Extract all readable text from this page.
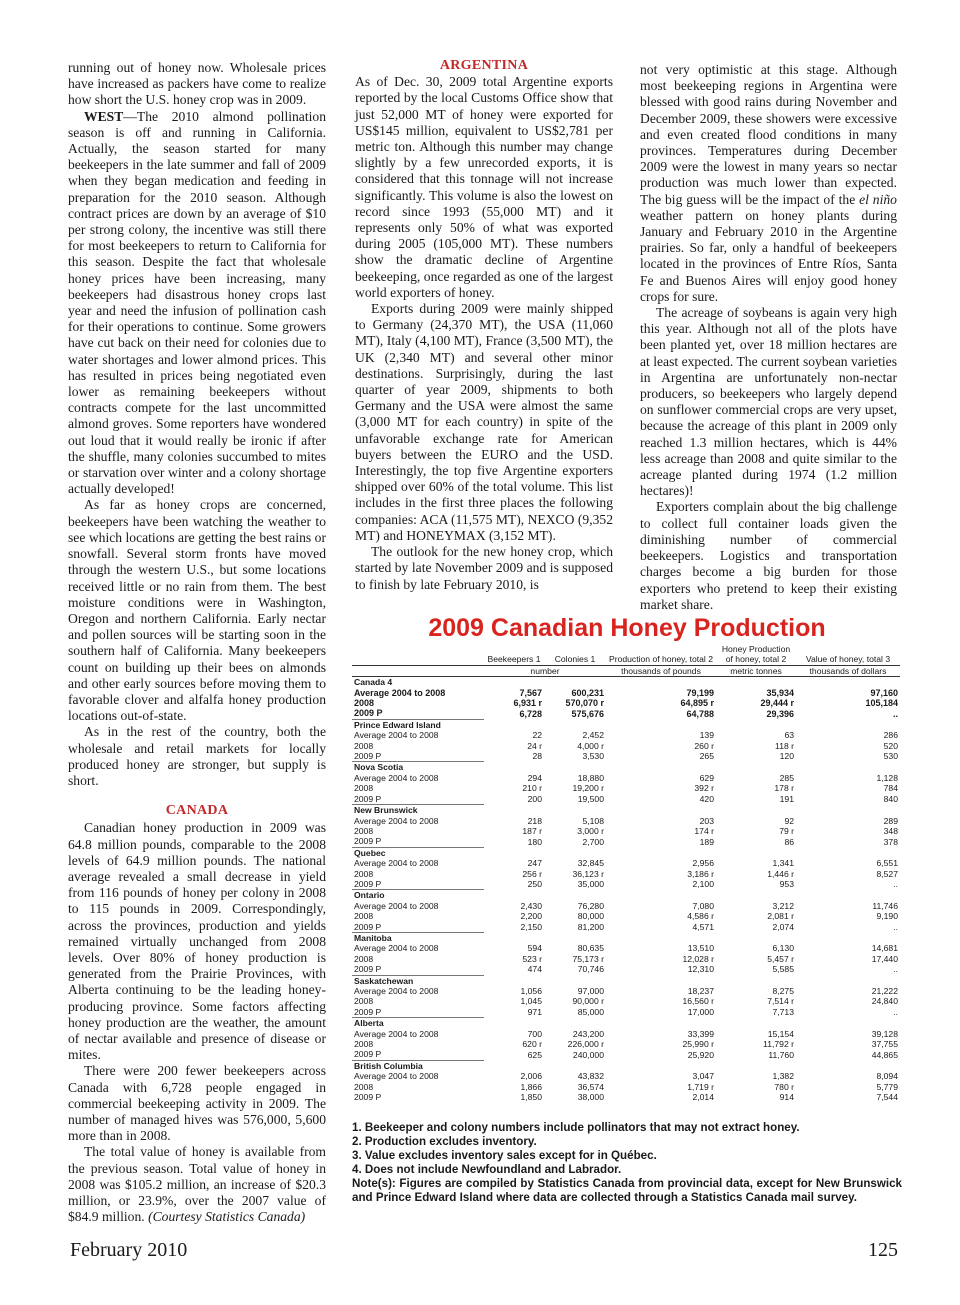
running out of honey now. Wholesale prices have increased as packers have come to realize how short the U.S. honey crop was in 2009.

WEST—The 2010 almond pollination season is off and running in California. Actually, the season started for many beekeepers in the late summer and fall of 2009 when they began medication and feeding in preparation for the 2010 season. Although contract prices are down by an average of $10 per strong colony, the incentive was still there for most beekeepers to return to California for this season. Despite the fact that wholesale honey prices have been increasing, many beekeepers had disastrous honey crops last year and need the infusion of pollination cash for their operations to continue. Some growers have cut back on their need for colonies due to water shortages and lower almond prices. This has resulted in prices being negotiated even lower as remaining beekeepers without contracts compete for the last uncommitted almond groves. Some reporters have wondered out loud that it would really be ironic if after the shuffle, many colonies succumbed to mites or starvation over winter and a colony shortage actually developed!

As far as honey crops are concerned, beekeepers have been watching the weather to see which locations are getting the best rains or snowfall. Several storm fronts have moved through the western U.S., but some locations received little or no rain from them. The best moisture conditions were in Washington, Oregon and northern California. Early nectar and pollen sources will be starting soon in the southern half of California. Many beekeepers count on building up their bees on almonds and other early sources before moving them to favorable clover and alfalfa honey production locations out-of-state.

As in the rest of the country, both the wholesale and retail markets for locally produced honey are stronger, but supply is short.

CANADA

Canadian honey production in 2009 was 64.8 million pounds, comparable to the 2008 levels of 64.9 million pounds. The national average revealed a small decrease in yield from 116 pounds of honey per colony in 2008 to 115 pounds in 2009. Correspondingly, across the provinces, production and yields remained virtually unchanged from 2008 levels. Over 80% of honey production is generated from the Prairie Provinces, with Alberta continuing to be the leading honey-producing province. Some factors affecting honey production are the weather, the amount of nectar available and presence of disease or mites.

There were 200 fewer beekeepers across Canada with 6,728 people engaged in commercial beekeeping activity in 2009. The number of managed hives was 576,000, 5,600 more than in 2008.

The total value of honey is available from the previous season. Total value of honey in 2008 was $105.2 million, an increase of $20.3 million, or 23.9%, over the 2007 value of $84.9 million. (Courtesy Statistics Canada)

ARGENTINA

As of Dec. 30, 2009 total Argentine exports reported by the local Customs Office show that just 52,000 MT of honey were exported for US$145 million, equivalent to US$2,781 per metric ton. Although this number may change slightly by a few unrecorded exports, it is considered that this tonnage will not increase significantly. This volume is also the lowest on record since 1993 (55,000 MT) and it represents only 50% of what was exported during 2005 (105,000 MT). These numbers show the dramatic decline of Argentine beekeeping, once regarded as one of the largest world exporters of honey.

Exports during 2009 were mainly shipped to Germany (24,370 MT), the USA (11,060 MT), Italy (4,100 MT), France (3,500 MT), the UK (2,340 MT) and several other minor destinations. Surprisingly, during the last quarter of year 2009, shipments to both Germany and the USA were almost the same (3,000 MT for each country) in spite of the unfavorable exchange rate for American buyers between the EURO and the USD. Interestingly, the top five Argentine exporters shipped over 60% of the total volume. This list includes in the first three places the following companies: ACA (11,575 MT), NEXCO (9,352 MT) and HONEYMAX (3,152 MT).

The outlook for the new honey crop, which started by late November 2009 and is supposed to finish by late February 2010, is

not very optimistic at this stage. Although most beekeeping regions in Argentina were blessed with good rains during November and December 2009, these showers were excessive and even created flood conditions in many provinces. Temperatures during December 2009 were the lowest in many years so nectar production was much lower than expected. The big guess will be the impact of the el niño weather pattern on honey plants during January and February 2010 in the Argentine prairies. So far, only a handful of beekeepers located in the provinces of Entre Ríos, Santa Fe and Buenos Aires will enjoy good honey crops for sure.

The acreage of soybeans is again very high this year. Although not all of the plots have been planted yet, over 18 million hectares are at least expected. The current soybean varieties in Argentina are unfortunately non-nectar producers, so beekeepers who largely depend on sunflower commercial crops are very upset, because the acreage of this plant in 2009 only reached 1.3 million hectares, which is 44% less acreage than 2008 and quite similar to the acreage planted during 1974 (1.2 million hectares)!

Exporters complain about the big challenge to collect full container loads given the diminishing number of commercial beekeepers. Logistics and transportation charges become a big burden for those exporters who pretend to keep their existing market share.

2009 Canadian Honey Production
	Beekeepers 1	Colonies 1	Production of honey, total 2	Honey Production of honey, total 2	Value of honey, total 3
	number		thousands of pounds	metric tonnes	thousands of dollars
Canada 4					
Average 2004 to 2008	7,567	600,231	79,199	35,934	97,160
2008	6,931 r	570,070 r	64,895 r	29,444 r	105,184
2009 P	6,728	575,676	64,788	29,396	..
Prince Edward Island					
Average 2004 to 2008	22	2,452	139	63	286
2008	24 r	4,000 r	260 r	118 r	520
2009 P	28	3,530	265	120	530
Nova Scotia					
Average 2004 to 2008	294	18,880	629	285	1,128
2008	210 r	19,200 r	392 r	178 r	784
2009 P	200	19,500	420	191	840
New Brunswick					
Average 2004 to 2008	218	5,108	203	92	289
2008	187 r	3,000 r	174 r	79 r	348
2009 P	180	2,700	189	86	378
Quebec					
Average 2004 to 2008	247	32,845	2,956	1,341	6,551
2008	256 r	36,123 r	3,186 r	1,446 r	8,527
2009 P	250	35,000	2,100	953	..
Ontario					
Average 2004 to 2008	2,430	76,280	7,080	3,212	11,746
2008	2,200	80,000	4,586 r	2,081 r	9,190
2009 P	2,150	81,200	4,571	2,074	..
Manitoba					
Average 2004 to 2008	594	80,635	13,510	6,130	14,681
2008	523 r	75,173 r	12,028 r	5,457 r	17,440
2009 P	474	70,746	12,310	5,585	..
Saskatchewan					
Average 2004 to 2008	1,056	97,000	18,237	8,275	21,222
2008	1,045	90,000 r	16,560 r	7,514 r	24,840
2009 P	971	85,000	17,000	7,713	..
Alberta					
Average 2004 to 2008	700	243,200	33,399	15,154	39,128
2008	620 r	226,000 r	25,990 r	11,792 r	37,755
2009 P	625	240,000	25,920	11,760	44,865
British Columbia					
Average 2004 to 2008	2,006	43,832	3,047	1,382	8,094
2008	1,866	36,574	1,719 r	780 r	5,779
2009 P	1,850	38,000	2,014	914	7,544

1. Beekeeper and colony numbers include pollinators that may not extract honey.

2. Production excludes inventory.

3. Value excludes inventory sales except for in Québec.

4. Does not include Newfoundland and Labrador.

Note(s): Figures are compiled by Statistics Canada from provincial data, except for New Brunswick and Prince Edward Island where data are collected through a Statistics Canada mail survey.

February 2010	125
